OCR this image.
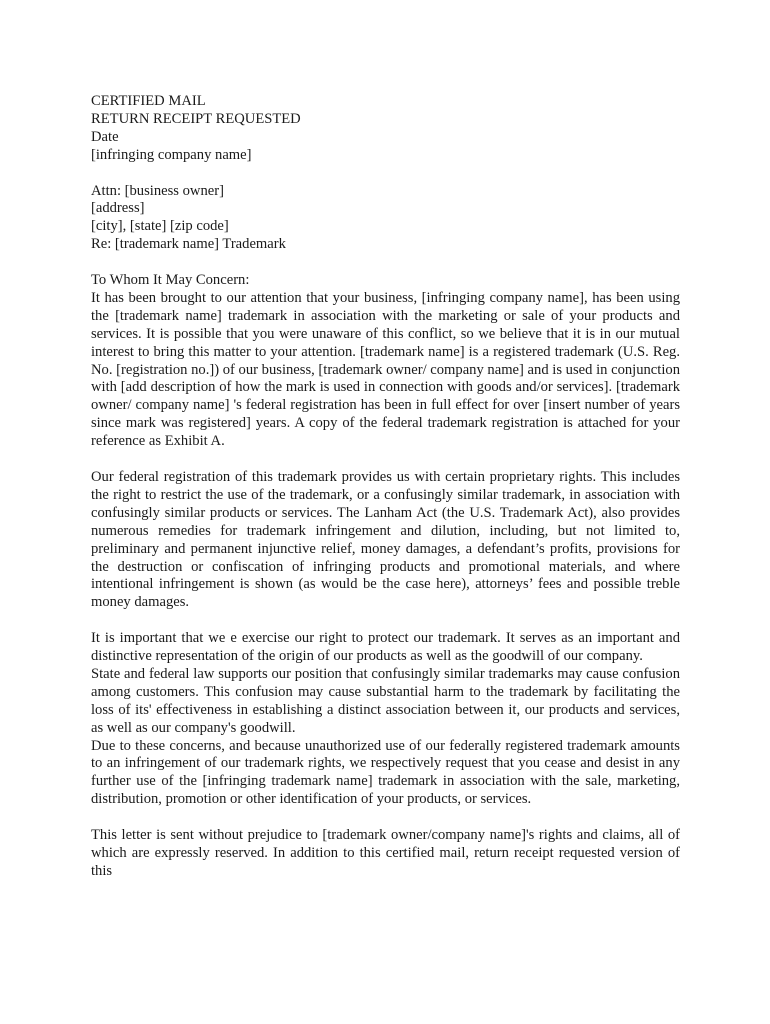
CERTIFIED MAIL
RETURN RECEIPT REQUESTED
Date
[infringing company name]
Attn: [business owner]
[address]
[city], [state] [zip code]
Re: [trademark name] Trademark
To Whom It May Concern:

It has been brought to our attention that your business, [infringing company name], has been using the [trademark name] trademark in association with the marketing or sale of your products and services. It is possible that you were unaware of this conflict, so we believe that it is in our mutual interest to bring this matter to your attention. [trademark name] is a registered trademark (U.S. Reg. No. [registration no.]) of our business, [trademark owner/ company name] and is used in conjunction with [add description of how the mark is used in connection with goods and/or services]. [trademark owner/ company name] 's federal registration has been in full effect for over [insert number of years since mark was registered] years. A copy of the federal trademark registration is attached for your reference as Exhibit A.

Our federal registration of this trademark provides us with certain proprietary rights. This includes the right to restrict the use of the trademark, or a confusingly similar trademark, in association with confusingly similar products or services. The Lanham Act (the U.S. Trademark Act), also provides numerous remedies for trademark infringement and dilution, including, but not limited to, preliminary and permanent injunctive relief, money damages, a defendant’s profits, provisions for the destruction or confiscation of infringing products and promotional materials, and where intentional infringement is shown (as would be the case here), attorneys’ fees and possible treble money damages.

It is important that we e exercise our right to protect our trademark. It serves as an important and distinctive representation of the origin of our products as well as the goodwill of our company.

State and federal law supports our position that confusingly similar trademarks may cause confusion among customers. This confusion may cause substantial harm to the trademark by facilitating the loss of its' effectiveness in establishing a distinct association between it, our products and services, as well as our company's goodwill.

Due to these concerns, and because unauthorized use of our federally registered trademark amounts to an infringement of our trademark rights, we respectively request that you cease and desist in any further use of the [infringing trademark name] trademark in association with the sale, marketing, distribution, promotion or other identification of your products, or services.

This letter is sent without prejudice to [trademark owner/company name]'s rights and claims, all of which are expressly reserved. In addition to this certified mail, return receipt requested version of this
